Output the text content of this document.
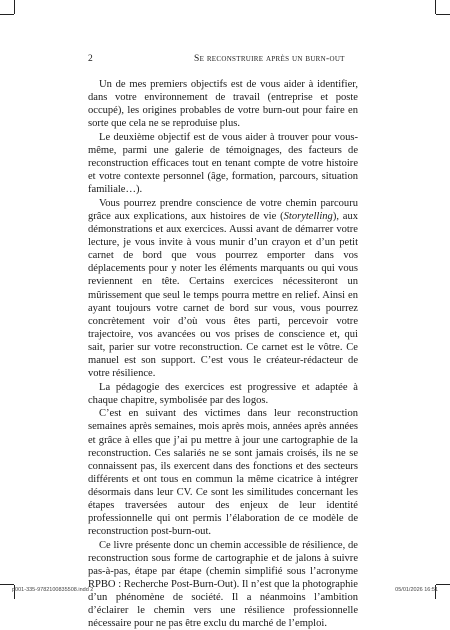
2	Se reconstruire après un burn-out

Un de mes premiers objectifs est de vous aider à identifier, dans votre environnement de travail (entreprise et poste occupé), les origines probables de votre burn-out pour faire en sorte que cela ne se reproduise plus.

Le deuxième objectif est de vous aider à trouver pour vous-même, parmi une galerie de témoignages, des facteurs de reconstruction efficaces tout en tenant compte de votre histoire et votre contexte personnel (âge, formation, parcours, situation familiale…).

Vous pourrez prendre conscience de votre chemin parcouru grâce aux explications, aux histoires de vie (Storytelling), aux démonstrations et aux exercices. Aussi avant de démarrer votre lecture, je vous invite à vous munir d’un crayon et d’un petit carnet de bord que vous pourrez emporter dans vos déplacements pour y noter les éléments marquants ou qui vous reviennent en tête. Certains exercices nécessiteront un mûrissement que seul le temps pourra mettre en relief. Ainsi en ayant toujours votre carnet de bord sur vous, vous pourrez concrètement voir d’où vous êtes parti, percevoir votre trajectoire, vos avancées ou vos prises de conscience et, qui sait, parier sur votre reconstruction. Ce carnet est le vôtre. Ce manuel est son support. C’est vous le créateur-rédacteur de votre résilience.

La pédagogie des exercices est progressive et adaptée à chaque chapitre, symbolisée par des logos.

C’est en suivant des victimes dans leur reconstruction semaines après semaines, mois après mois, années après années et grâce à elles que j’ai pu mettre à jour une cartographie de la reconstruction. Ces salariés ne se sont jamais croisés, ils ne se connaissent pas, ils exercent dans des fonctions et des secteurs différents et ont tous en commun la même cicatrice à intégrer désormais dans leur CV. Ce sont les similitudes concernant les étapes traversées autour des enjeux de leur identité professionnelle qui ont permis l’élaboration de ce modèle de reconstruction post-burn-out.

Ce livre présente donc un chemin accessible de résilience, de reconstruction sous forme de cartographie et de jalons à suivre pas-à-pas, étape par étape (chemin simplifié sous l’acronyme RPBO : Recherche Post-Burn-Out). Il n’est que la photographie d’un phénomène de société. Il a néanmoins l’ambition d’éclairer le chemin vers une résilience professionnelle nécessaire pour ne pas être exclu du marché de l’emploi.

p001-335-9782100835508.indd 2	05/01/2026 16:51
